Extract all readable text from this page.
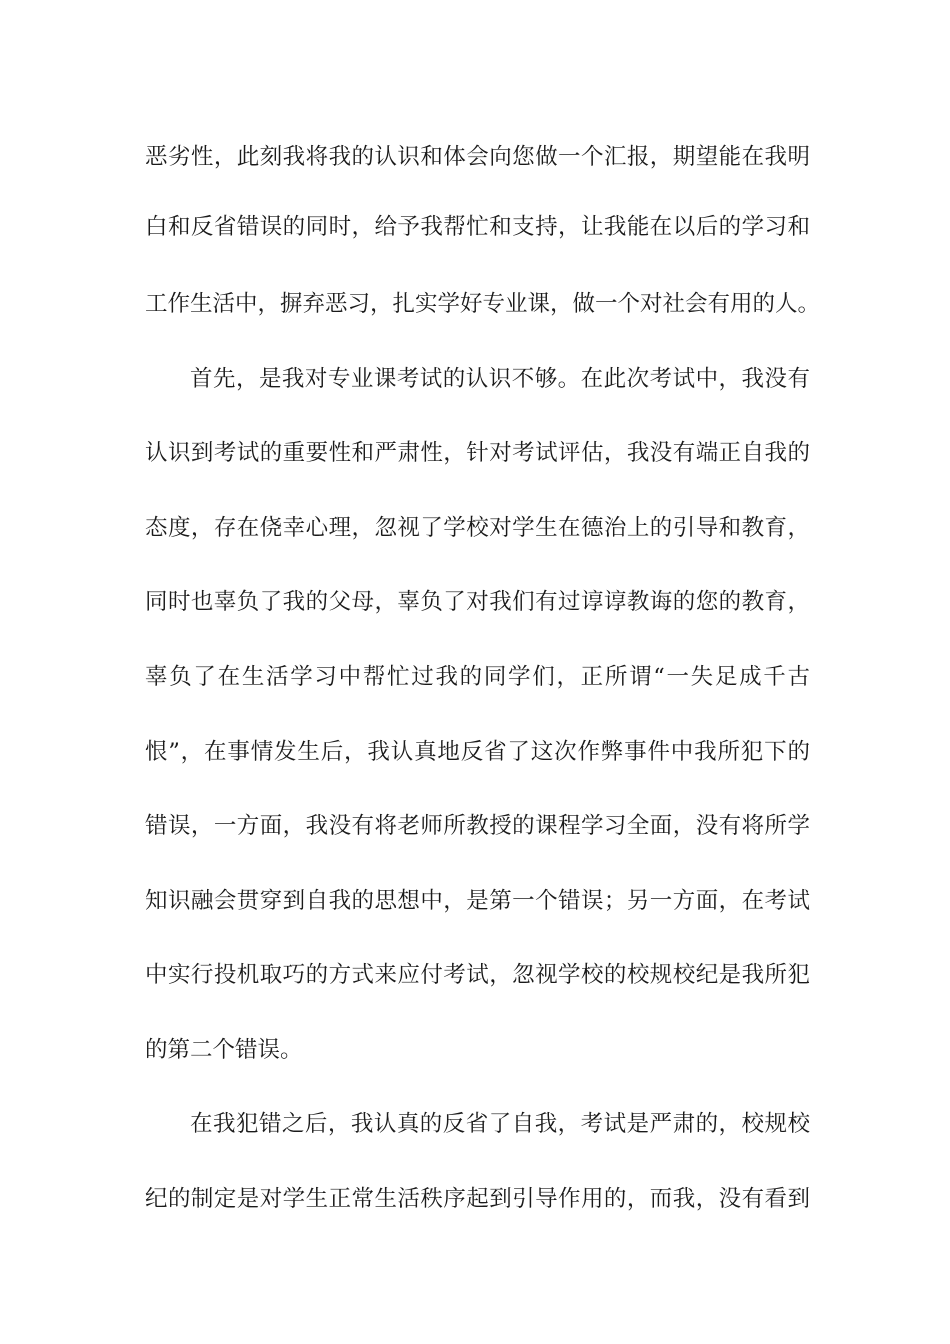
恶劣性，此刻我将我的认识和体会向您做一个汇报，期望能在我明
白和反省错误的同时，给予我帮忙和支持，让我能在以后的学习和
工作生活中，摒弃恶习，扎实学好专业课，做一个对社会有用的人。
首先，是我对专业课考试的认识不够。在此次考试中，我没有
认识到考试的重要性和严肃性，针对考试评估，我没有端正自我的
态度，存在侥幸心理，忽视了学校对学生在德治上的引导和教育，
同时也辜负了我的父母，辜负了对我们有过谆谆教诲的您的教育，
辜负了在生活学习中帮忙过我的同学们，正所谓“一失足成千古
恨”，在事情发生后，我认真地反省了这次作弊事件中我所犯下的
错误，一方面，我没有将老师所教授的课程学习全面，没有将所学
知识融会贯穿到自我的思想中，是第一个错误；另一方面，在考试
中实行投机取巧的方式来应付考试，忽视学校的校规校纪是我所犯
的第二个错误。
在我犯错之后，我认真的反省了自我，考试是严肃的，校规校
纪的制定是对学生正常生活秩序起到引导作用的，而我，没有看到
